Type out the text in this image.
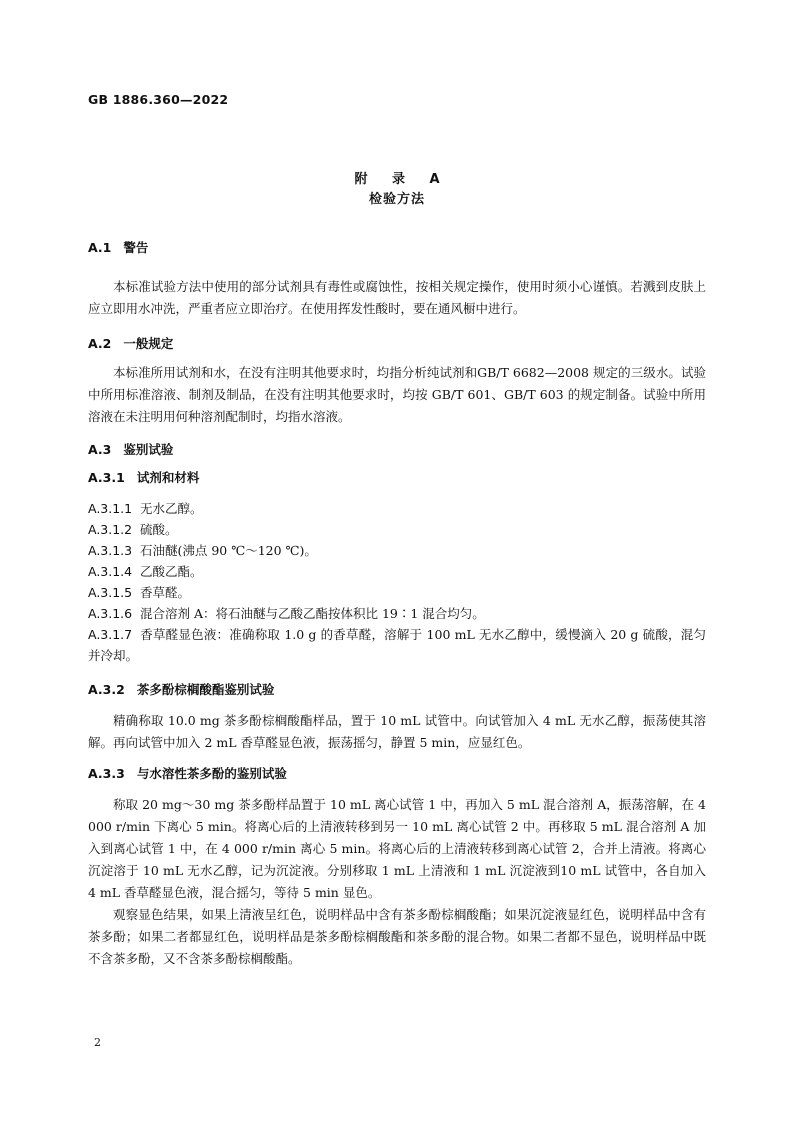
GB 1886.360—2022
附 录 A
检验方法

A.1 警告

本标准试验方法中使用的部分试剂具有毒性或腐蚀性，按相关规定操作，使用时须小心谨慎。若溅到皮肤上应立即用水冲洗，严重者应立即治疗。在使用挥发性酸时，要在通风橱中进行。

A.2 一般规定

本标准所用试剂和水，在没有注明其他要求时，均指分析纯试剂和GB/T 6682—2008 规定的三级水。试验中所用标准溶液、制剂及制品，在没有注明其他要求时，均按 GB/T 601、GB/T 603 的规定制备。试验中所用溶液在未注明用何种溶剂配制时，均指水溶液。

A.3 鉴别试验

A.3.1 试剂和材料

A.3.1.1 无水乙醇。

A.3.1.2 硫酸。

A.3.1.3 石油醚(沸点 90 ℃～120 ℃)。

A.3.1.4 乙酸乙酯。

A.3.1.5 香草醛。

A.3.1.6 混合溶剂 A：将石油醚与乙酸乙酯按体积比 19∶1 混合均匀。

A.3.1.7 香草醛显色液：准确称取 1.0 g 的香草醛，溶解于 100 mL 无水乙醇中，缓慢滴入 20 g 硫酸，混匀并冷却。

A.3.2 茶多酚棕榈酸酯鉴别试验

精确称取 10.0 mg 茶多酚棕榈酸酯样品，置于 10 mL 试管中。向试管加入 4 mL 无水乙醇，振荡使其溶解。再向试管中加入 2 mL 香草醛显色液，振荡摇匀，静置 5 min，应显红色。

A.3.3 与水溶性茶多酚的鉴别试验

称取 20 mg～30 mg 茶多酚样品置于 10 mL 离心试管 1 中，再加入 5 mL 混合溶剂 A，振荡溶解，在 4 000 r/min 下离心 5 min。将离心后的上清液转移到另一 10 mL 离心试管 2 中。再移取 5 mL 混合溶剂 A 加入到离心试管 1 中，在 4 000 r/min 离心 5 min。将离心后的上清液转移到离心试管 2，合并上清液。将离心沉淀溶于 10 mL 无水乙醇，记为沉淀液。分别移取 1 mL 上清液和 1 mL 沉淀液到10 mL 试管中，各自加入 4 mL 香草醛显色液，混合摇匀，等待 5 min 显色。

观察显色结果，如果上清液呈红色，说明样品中含有茶多酚棕榈酸酯；如果沉淀液显红色，说明样品中含有茶多酚；如果二者都显红色，说明样品是茶多酚棕榈酸酯和茶多酚的混合物。如果二者都不显色，说明样品中既不含茶多酚，又不含茶多酚棕榈酸酯。

2
